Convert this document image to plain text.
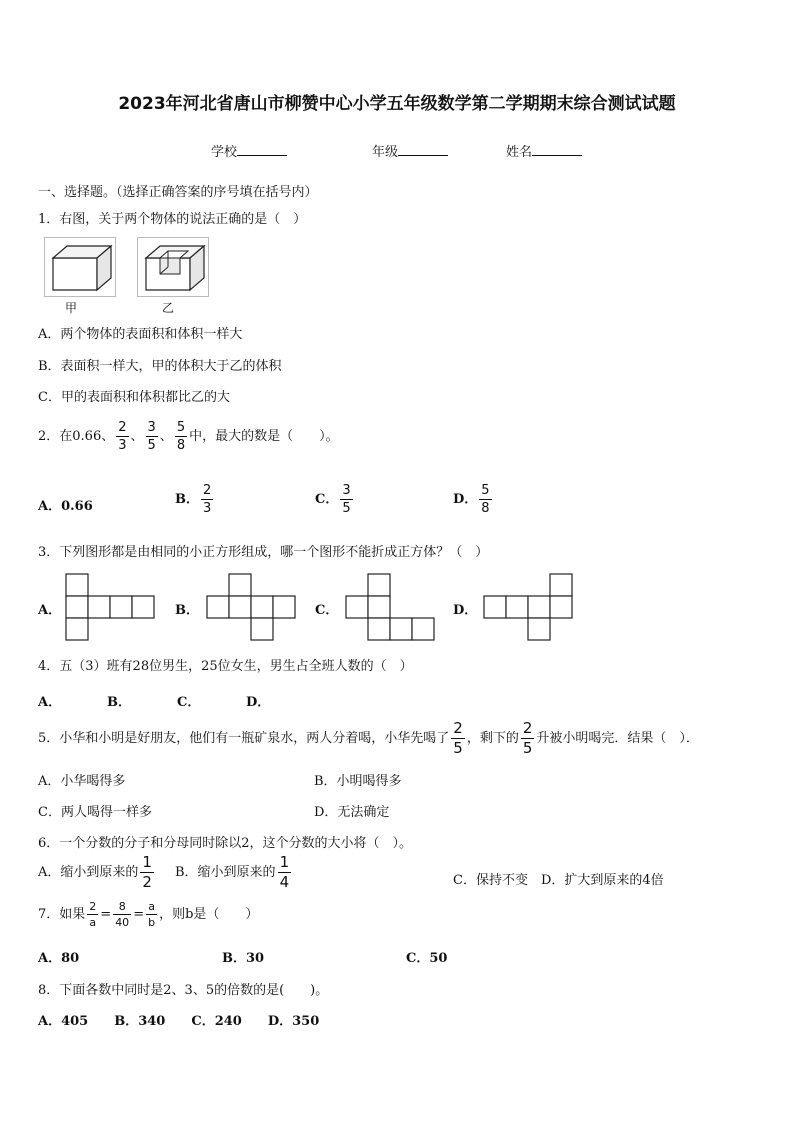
2023年河北省唐山市柳赞中心小学五年级数学第二学期期末综合测试试题
学校	年级	姓名
一、选择题。（选择正确答案的序号填在括号内）
1．右图，关于两个物体的说法正确的是（　）
甲	乙
A．两个物体的表面积和体积一样大
B．表面积一样大，甲的体积大于乙的体积
C．甲的表面积和体积都比乙的大
2．在0.66、 $\frac{2}{3}$ 、 $\frac{3}{5}$ 、 $\frac{5}{8}$ 中，最大的数是（　　）。
A．0.66	B． $\frac{2}{3}$	C． $\frac{3}{5}$	D． $\frac{5}{8}$
3．下列图形都是由相同的小正方形组成，哪一个图形不能折成正方体？（　）
A．	B．	C．	D．
4．五（3）班有28位男生，25位女生，男生占全班人数的（　）
A．	B．	C．	D．
5．小华和小明是好朋友，他们有一瓶矿泉水，两人分着喝，小华先喝了 $\frac{2}{5}$ ，剩下的 $\frac{2}{5}$ 升被小明喝完．结果（　）．
A．小华喝得多	B．小明喝得多
C．两人喝得一样多	D．无法确定
6．一个分数的分子和分母同时除以2，这个分数的大小将（　）。
A．缩小到原来的 $\frac{1}{2}$ B．缩小到原来的 $\frac{1}{4}$	C．保持不变　D．扩大到原来的4倍
7．如果 $\frac{2}{a} = \frac{8}{40} = \frac{a}{b}$ ，则b是（　　）
A．80	B．30	C．50
8．下面各数中同时是2、3、5的倍数的是(　　)。
A．405　　B．340　　C．240　　D．350
